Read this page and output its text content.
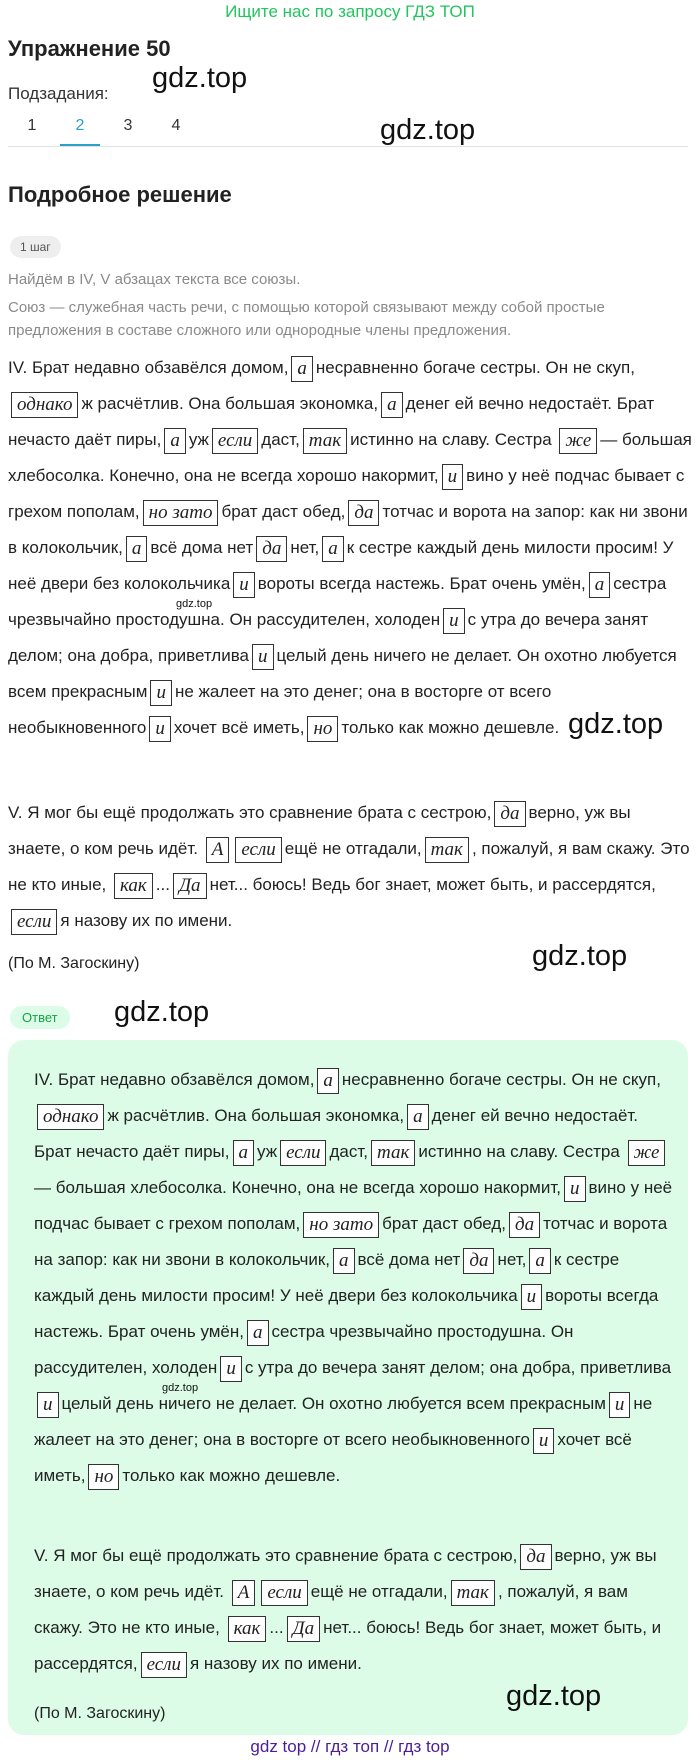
Ищите нас по запросу ГДЗ ТОП
Упражнение 50
Подзадания: gdz.top
gdz.top
1	2	3	4
Подробное решение
1 шаг
Найдём в IV, V абзацах текста все союзы.
Союз — служебная часть речи, с помощью которой связывают между собой простые предложения в составе сложного или однородные члены предложения.
IV. Брат недавно обзавёлся домом, а несравненно богаче сестры. Он не скуп, однако ж расчётлив. Она большая экономка, а денег ей вечно недостаёт. Брат нечасто даёт пиры, а уж если даст, так истинно на славу. Сестра же — большая хлебосолка. Конечно, она не всегда хорошо накормит, и вино у неё подчас бывает с грехом пополам, но зато брат даст обед, да тотчас и ворота на запор: как ни звони в колокольчик, а всё дома нет да нет, а к сестре каждый день милости просим! У неё двери без колокольчика и вороты всегда настежь. Брат очень умён, а сестра чрезвычайно простодушна. Он рассудителен, холоден и с утра до вечера занят делом; она добра, приветлива и целый день ничего не делает. Он охотно любуется всем прекрасным и не жалеет на это денег; она в восторге от всего необыкновенного и хочет всё иметь, но только как можно дешевле.
gdz.top
gdz.top
V. Я мог бы ещё продолжать это сравнение брата с сестрою, да верно, уж вы знаете, о ком речь идёт. А если ещё не отгадали, так , пожалуй, я вам скажу. Это не кто иные, как ... Да нет... боюсь! Ведь бог знает, может быть, и рассердятся,если я назову их по имени.
(По М. Загоскину)	gdz.top
Ответ	gdz.top
IV. Брат недавно обзавёлся домом, а несравненно богаче сестры. Он не скуп, однако ж расчётлив. Она большая экономка, а денег ей вечно недостаёт. Брат нечасто даёт пиры, а уж если даст, так истинно на славу. Сестра же— большая хлебосолка. Конечно, она не всегда хорошо накормит, и вино у неё подчас бывает с грехом пополам, но зато брат даст обед, да тотчас и ворота на запор: как ни звони в колокольчик, а всё дома нет да нет, а к сестре каждый день милости просим! У неё двери без колокольчика и вороты всегда настежь. Брат очень умён, а сестра чрезвычайно простодушна. Он рассудителен, холоден и с утра до вечера занят делом; она добра, приветливаи целый день ничего не делает. Он охотно любуется всем прекрасным и не жалеет на это денег; она в восторге от всего необыкновенного и хочет всё иметь, но только как можно дешевле.
gdz.top
V. Я мог бы ещё продолжать это сравнение брата с сестрою, да верно, уж вы знаете, о ком речь идёт. А если ещё не отгадали, так , пожалуй, я вам скажу. Это не кто иные, как ... Да нет... боюсь! Ведь бог знает, может быть, и рассердятся, если я назову их по имени.
gdz.top
(По М. Загоскину)
gdz top // гдз топ // гдз top
